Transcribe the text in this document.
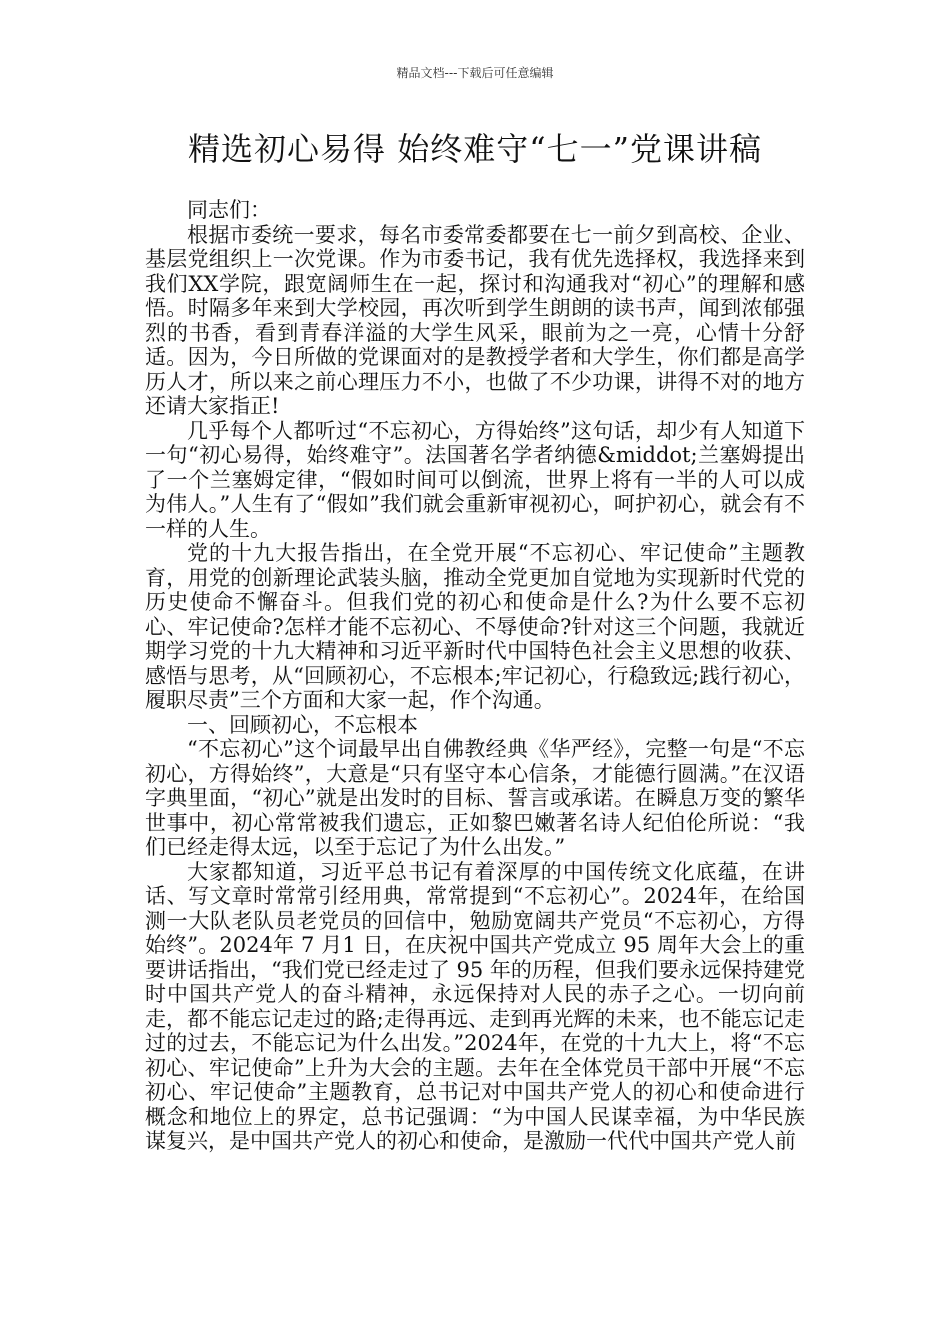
精品文档---下载后可任意编辑
精选初心易得 始终难守“七一”党课讲稿

同志们：

根据市委统一要求，每名市委常委都要在七一前夕到高校、企业、基层党组织上一次党课。作为市委书记，我有优先选择权，我选择来到我们XX学院，跟宽阔师生在一起，探讨和沟通我对“初心”的理解和感悟。时隔多年来到大学校园，再次听到学生朗朗的读书声，闻到浓郁强烈的书香，看到青春洋溢的大学生风采，眼前为之一亮，心情十分舒适。因为，今日所做的党课面对的是教授学者和大学生，你们都是高学历人才，所以来之前心理压力不小，也做了不少功课，讲得不对的地方还请大家指正!

几乎每个人都听过“不忘初心，方得始终”这句话，却少有人知道下一句“初心易得，始终难守”。法国著名学者纳德&middot;兰塞姆提出了一个兰塞姆定律，“假如时间可以倒流，世界上将有一半的人可以成为伟人。”人生有了“假如”我们就会重新审视初心，呵护初心，就会有不一样的人生。

党的十九大报告指出，在全党开展“不忘初心、牢记使命”主题教育，用党的创新理论武装头脑，推动全党更加自觉地为实现新时代党的历史使命不懈奋斗。但我们党的初心和使命是什么?为什么要不忘初心、牢记使命?怎样才能不忘初心、不辱使命?针对这三个问题，我就近期学习党的十九大精神和习近平新时代中国特色社会主义思想的收获、感悟与思考，从“回顾初心，不忘根本;牢记初心，行稳致远;践行初心，履职尽责”三个方面和大家一起，作个沟通。

一、回顾初心，不忘根本

“不忘初心”这个词最早出自佛教经典《华严经》，完整一句是“不忘初心，方得始终”，大意是“只有坚守本心信条，才能德行圆满。”在汉语字典里面，“初心”就是出发时的目标、誓言或承诺。在瞬息万变的繁华世事中，初心常常被我们遗忘，正如黎巴嫩著名诗人纪伯伦所说：“我们已经走得太远，以至于忘记了为什么出发。”

大家都知道，习近平总书记有着深厚的中国传统文化底蕴，在讲话、写文章时常常引经用典，常常提到“不忘初心”。2024年，在给国测一大队老队员老党员的回信中，勉励宽阔共产党员“不忘初心，方得始终”。2024年 7 月1 日，在庆祝中国共产党成立 95 周年大会上的重要讲话指出，“我们党已经走过了 95 年的历程，但我们要永远保持建党时中国共产党人的奋斗精神，永远保持对人民的赤子之心。一切向前走，都不能忘记走过的路;走得再远、走到再光辉的未来，也不能忘记走过的过去，不能忘记为什么出发。”2024年，在党的十九大上，将“不忘初心、牢记使命”上升为大会的主题。去年在全体党员干部中开展“不忘初心、牢记使命”主题教育，总书记对中国共产党人的初心和使命进行概念和地位上的界定，总书记强调：“为中国人民谋幸福，为中华民族谋复兴，是中国共产党人的初心和使命，是激励一代代中国共产党人前
